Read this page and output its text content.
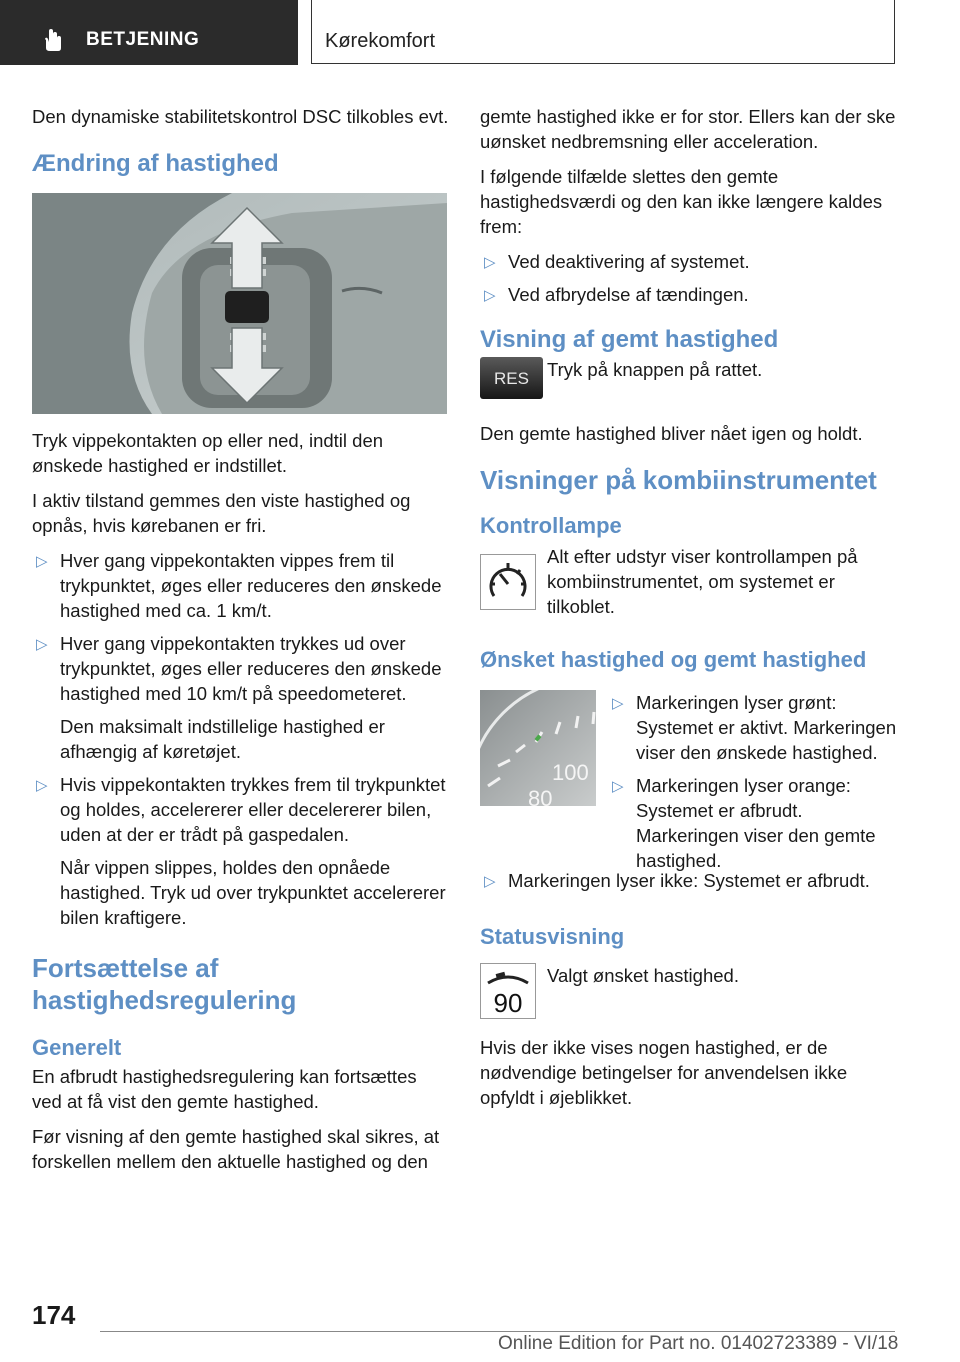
BETJENING	Kørekomfort

Den dynamiske stabilitetskontrol DSC tilkobles evt.

Ændring af hastighed

Tryk vippekontakten op eller ned, indtil den ønskede hastighed er indstillet.

I aktiv tilstand gemmes den viste hastighed og opnås, hvis kørebanen er fri.

▷ Hver gang vippekontakten vippes frem til trykpunktet, øges eller reduceres den ønskede hastighed med ca. 1 km/t.
▷ Hver gang vippekontakten trykkes ud over trykpunktet, øges eller reduceres den ønskede hastighed med 10 km/t på speedometeret.
Den maksimalt indstillelige hastighed er afhængig af køretøjet.
▷ Hvis vippekontakten trykkes frem til trykpunktet og holdes, accelererer eller decelererer bilen, uden at der er trådt på gaspedalen.
Når vippen slippes, holdes den opnåede hastighed. Tryk ud over trykpunktet accelererer bilen kraftigere.
Fortsættelse af hastighedsregulering
Generelt

En afbrudt hastighedsregulering kan fortsættes ved at få vist den gemte hastighed.

Før visning af den gemte hastighed skal sikres, at forskellen mellem den aktuelle hastighed og den

gemte hastighed ikke er for stor. Ellers kan der ske uønsket nedbremsning eller acceleration.

I følgende tilfælde slettes den gemte hastighedsværdi og den kan ikke længere kaldes frem:

▷ Ved deaktivering af systemet.
▷ Ved afbrydelse af tændingen.
Visning af gemt hastighed
RES Tryk på knappen på rattet.

Den gemte hastighed bliver nået igen og holdt.

Visninger på kombiinstrumentet
Kontrollampe
Alt efter udstyr viser kontrollampen på kombiinstrumentet, om systemet er tilkoblet.
Ønsket hastighed og gemt hastighed
100
80
▷ Markeringen lyser grønt: Systemet er aktivt. Markeringen viser den ønskede hastighed.
▷ Markeringen lyser orange: Systemet er afbrudt. Markeringen viser den gemte hastighed.
▷ Markeringen lyser ikke: Systemet er afbrudt.
Statusvisning
90
Valgt ønsket hastighed.

Hvis der ikke vises nogen hastighed, er de nødvendige betingelser for anvendelsen ikke opfyldt i øjeblikket.

174
Online Edition for Part no. 01402723389 - VI/18
